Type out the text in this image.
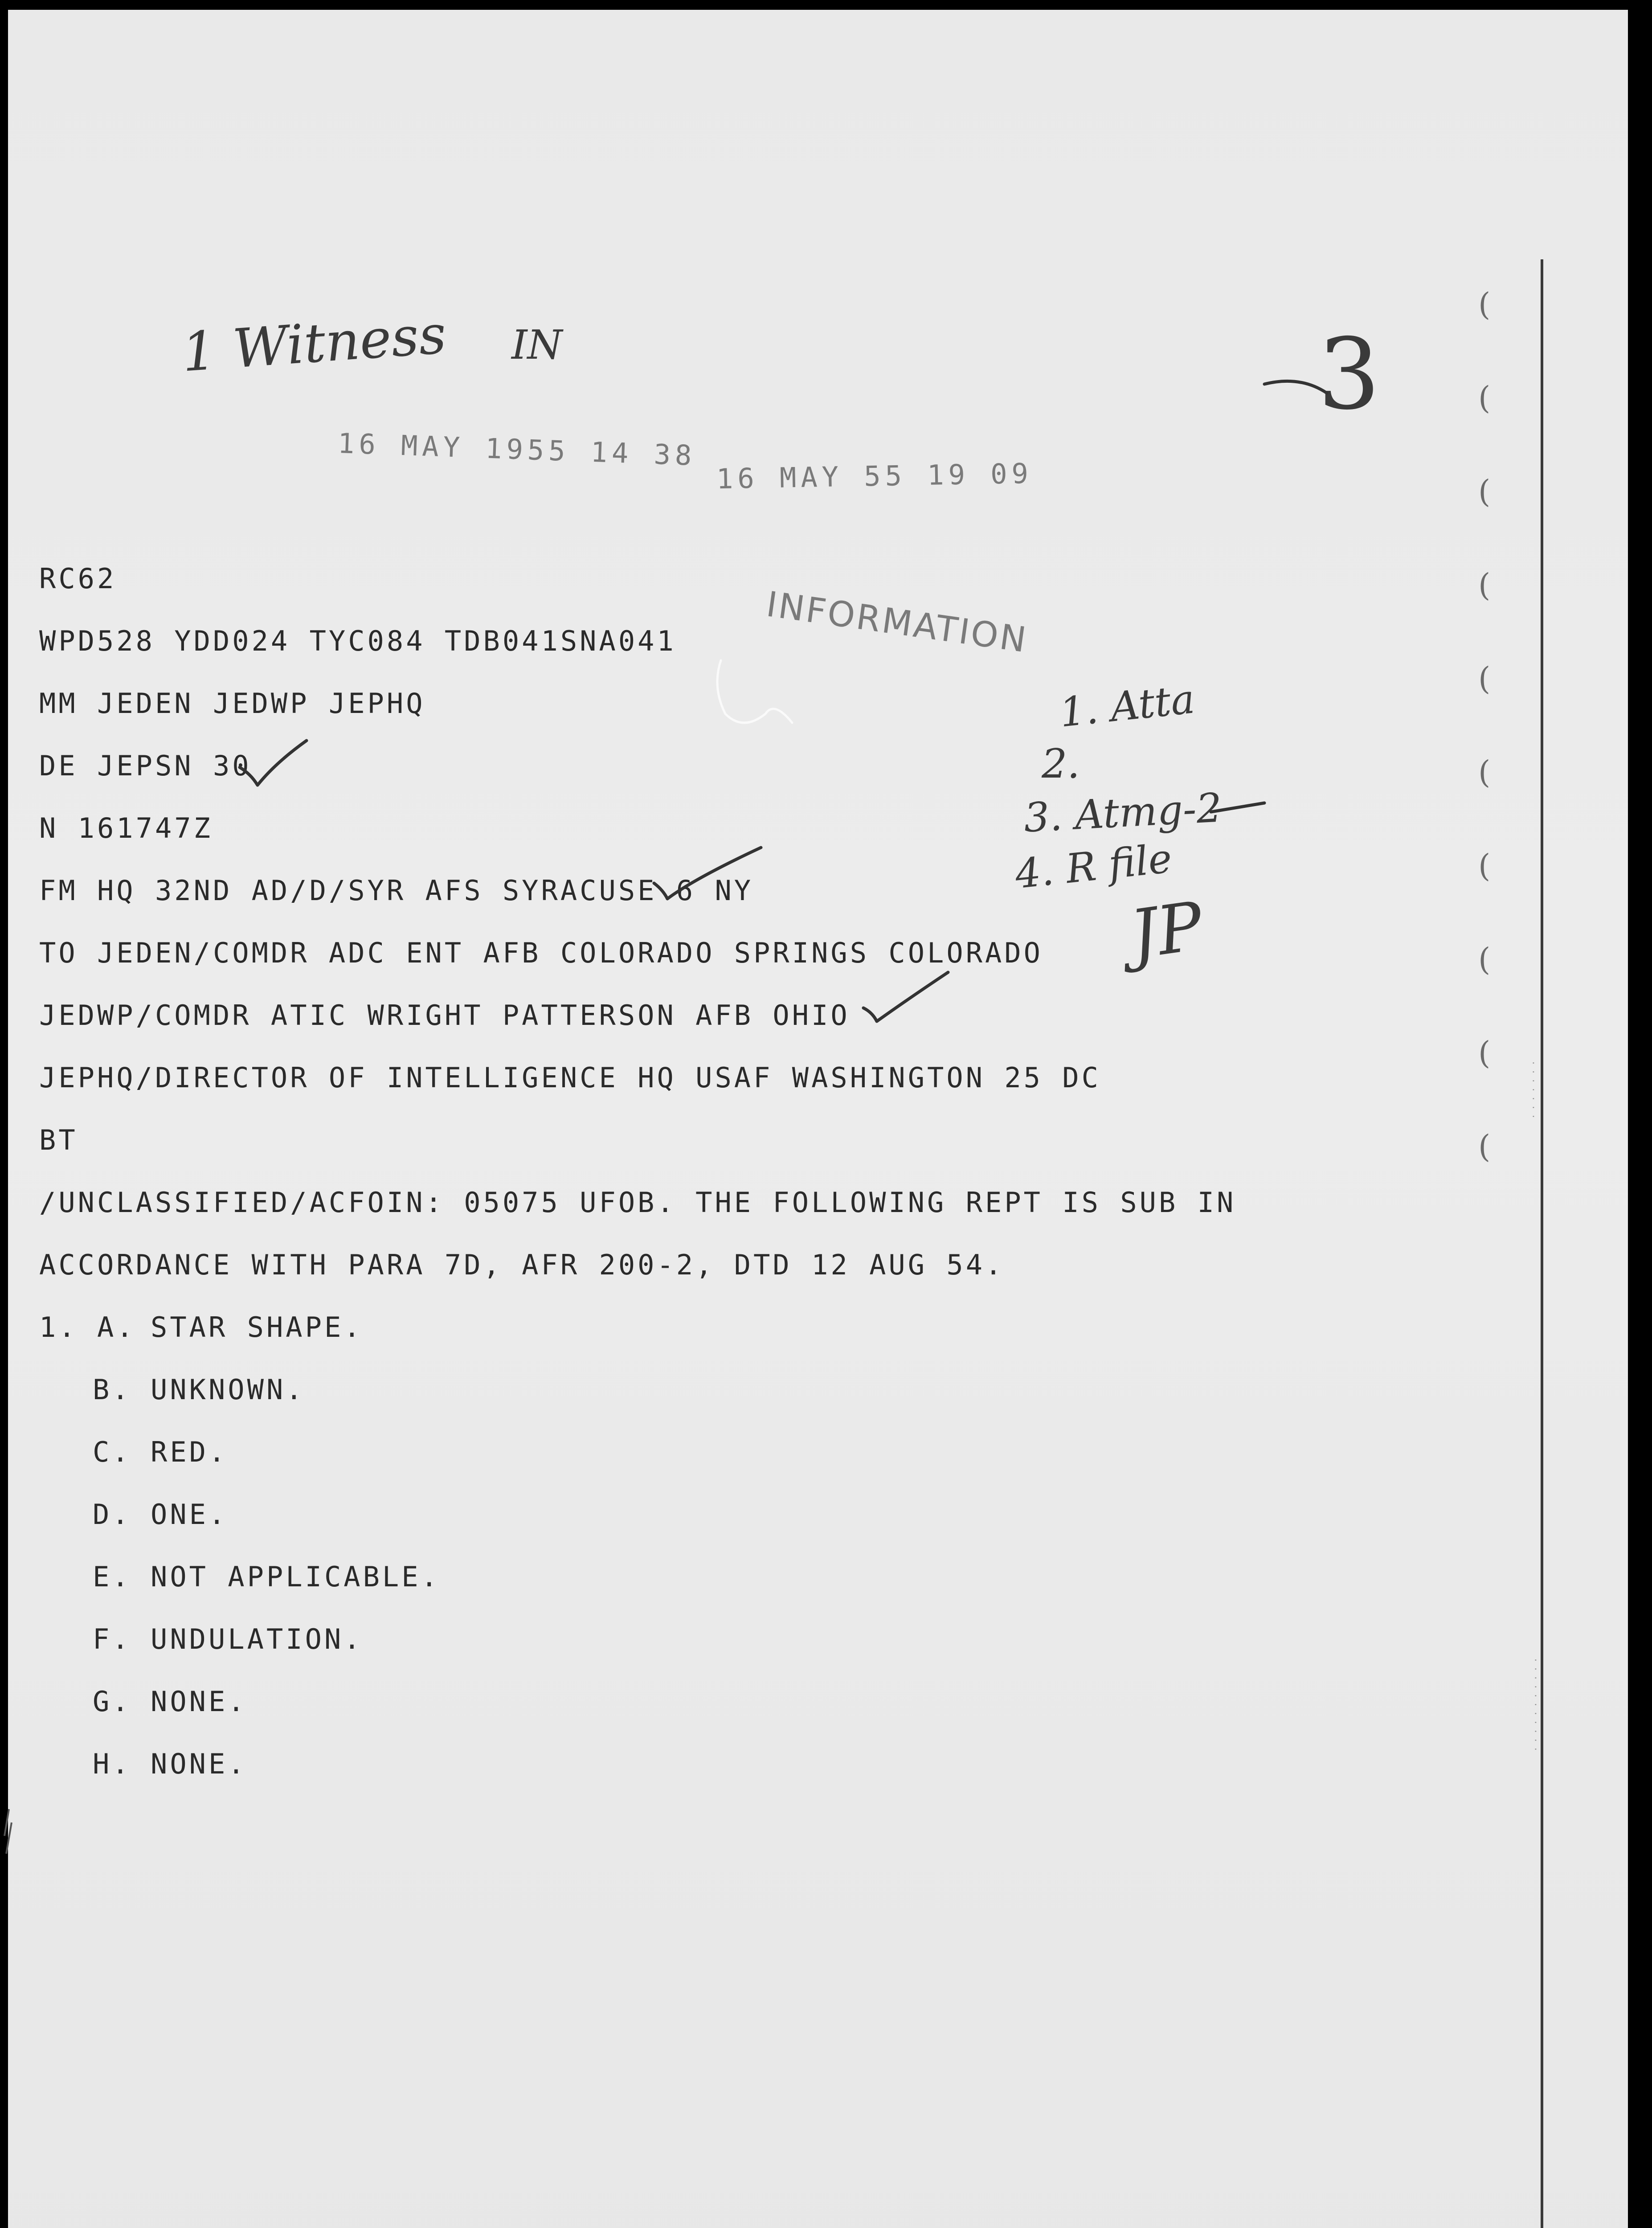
(
(
(
(
(
(
(
(
(
(
· · · · · · ·
· · · · · · · · · · ·
1 Witness IN	3
1. Atta
2.
3. Atmg-2
4. R file
JP
16 MAY 1955 14 38
16 MAY 55 19 09
INFORMATION
RC62
WPD528 YDD024 TYC084 TDB041SNA041
MM JEDEN JEDWP JEPHQ
DE JEPSN 30
N 161747Z
FM HQ 32ND AD/D/SYR AFS SYRACUSE 6 NY
TO JEDEN/COMDR ADC ENT AFB COLORADO SPRINGS COLORADO
JEDWP/COMDR ATIC WRIGHT PATTERSON AFB OHIO
JEPHQ/DIRECTOR OF INTELLIGENCE HQ USAF WASHINGTON 25 DC
BT
/UNCLASSIFIED/ACFOIN: 05075 UFOB. THE FOLLOWING REPT IS SUB IN
ACCORDANCE WITH PARA 7D, AFR 200-2, DTD 12 AUG 54.
1. A. STAR SHAPE.
B. UNKNOWN.
C. RED.
D. ONE.
E. NOT APPLICABLE.
F. UNDULATION.
G. NONE.
H. NONE.
